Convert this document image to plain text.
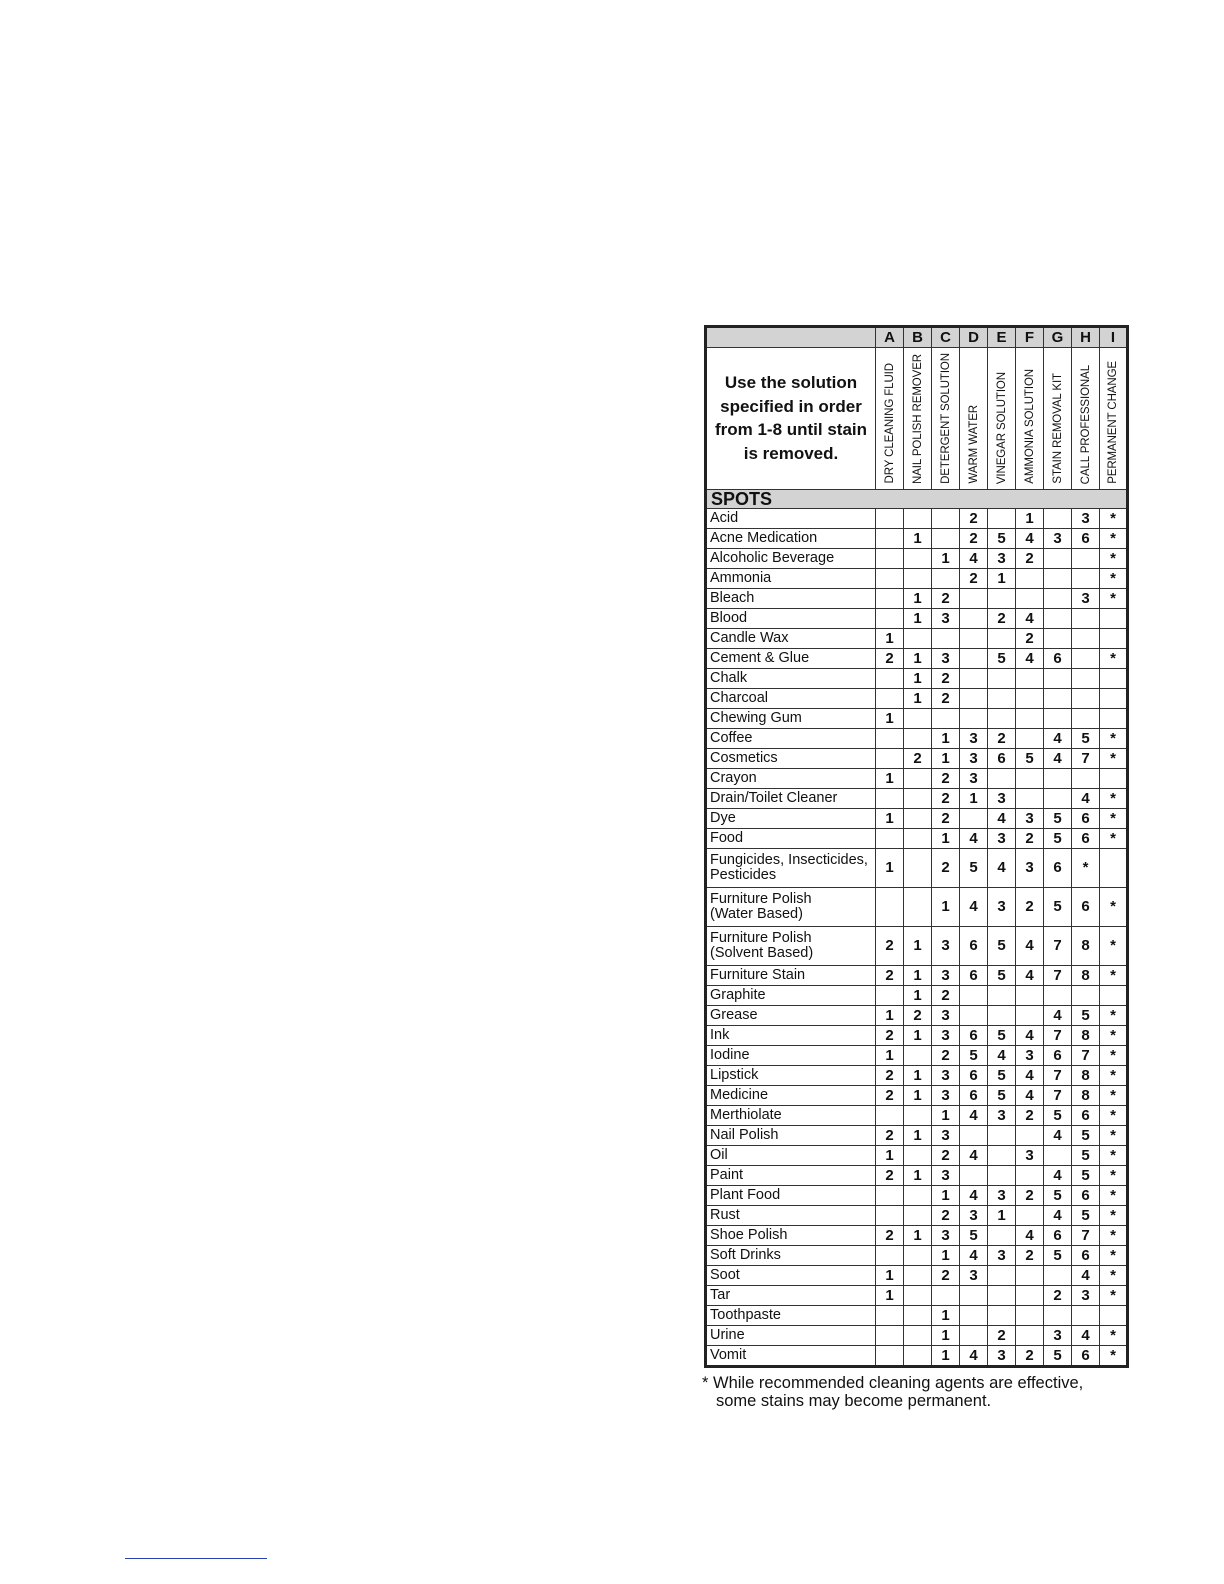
	A	B	C	D	E	F	G	H	I
Use the solution specified in order from 1-8 until stain is removed.	DRY CLEANING FLUID	NAIL POLISH REMOVER	DETERGENT SOLUTION	WARM WATER	VINEGAR SOLUTION	AMMONIA SOLUTION	STAIN REMOVAL KIT	CALL PROFESSIONAL	PERMANENT CHANGE
SPOTS									
Acid				2		1		3	*
Acne Medication		1		2	5	4	3	6	*
Alcoholic Beverage			1	4	3	2			*
Ammonia				2	1				*
Bleach		1	2					3	*
Blood		1	3		2	4			
Candle Wax	1					2			
Cement & Glue	2	1	3		5	4	6		*
Chalk		1	2						
Charcoal		1	2						
Chewing Gum	1								
Coffee			1	3	2		4	5	*
Cosmetics		2	1	3	6	5	4	7	*
Crayon	1		2	3					
Drain/Toilet Cleaner			2	1	3			4	*
Dye	1		2		4	3	5	6	*
Food			1	4	3	2	5	6	*
Fungicides, Insecticides,
Pesticides	1		2	5	4	3	6	*	
Furniture Polish
(Water Based)			1	4	3	2	5	6	*
Furniture Polish
(Solvent Based)	2	1	3	6	5	4	7	8	*
Furniture Stain	2	1	3	6	5	4	7	8	*
Graphite		1	2						
Grease	1	2	3				4	5	*
Ink	2	1	3	6	5	4	7	8	*
Iodine	1		2	5	4	3	6	7	*
Lipstick	2	1	3	6	5	4	7	8	*
Medicine	2	1	3	6	5	4	7	8	*
Merthiolate			1	4	3	2	5	6	*
Nail Polish	2	1	3				4	5	*
Oil	1		2	4		3		5	*
Paint	2	1	3				4	5	*
Plant Food			1	4	3	2	5	6	*
Rust			2	3	1		4	5	*
Shoe Polish	2	1	3	5		4	6	7	*
Soft Drinks			1	4	3	2	5	6	*
Soot	1		2	3				4	*
Tar	1						2	3	*
Toothpaste			1						
Urine			1		2		3	4	*
Vomit			1	4	3	2	5	6	*
* While recommended cleaning agents are effective,
some stains may become permanent.
